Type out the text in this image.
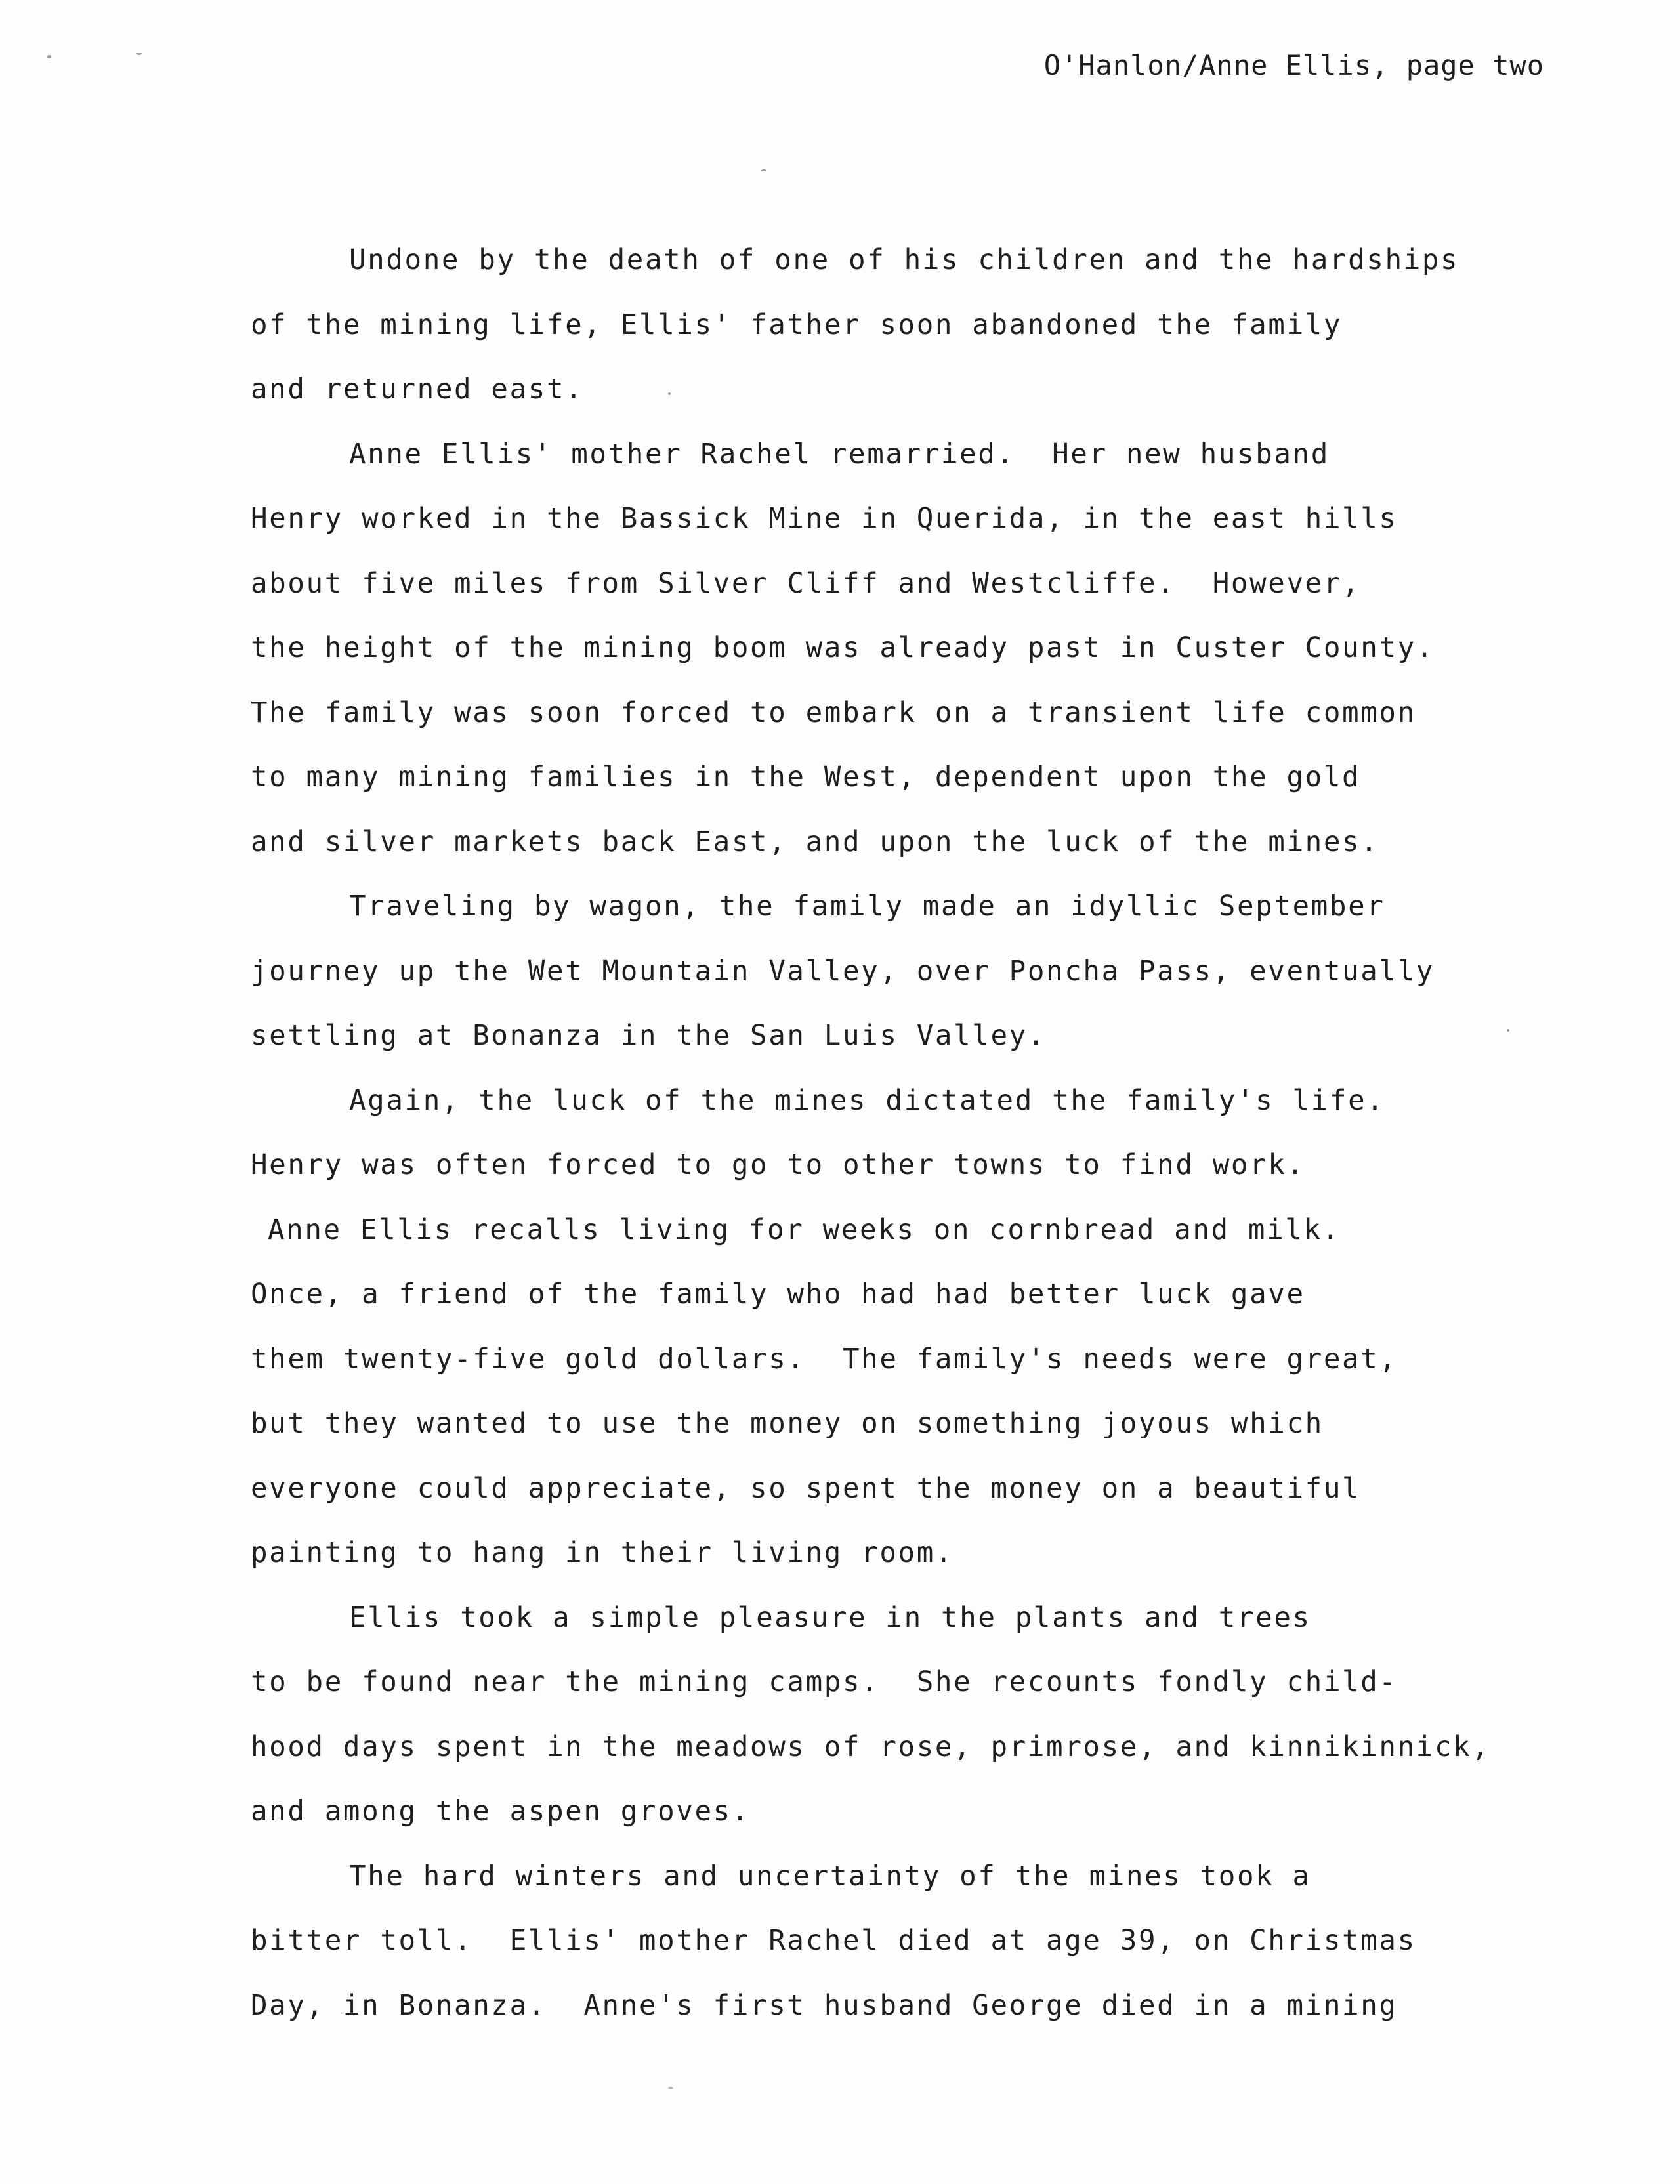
O'Hanlon/Anne Ellis, page two
Undone by the death of one of his children and the hardships
of the mining life, Ellis' father soon abandoned the family
and returned east.
Anne Ellis' mother Rachel remarried.  Her new husband
Henry worked in the Bassick Mine in Querida, in the east hills
about five miles from Silver Cliff and Westcliffe.  However,
the height of the mining boom was already past in Custer County.
The family was soon forced to embark on a transient life common
to many mining families in the West, dependent upon the gold
and silver markets back East, and upon the luck of the mines.
Traveling by wagon, the family made an idyllic September
journey up the Wet Mountain Valley, over Poncha Pass, eventually
settling at Bonanza in the San Luis Valley.
Again, the luck of the mines dictated the family's life.
Henry was often forced to go to other towns to find work.
Anne Ellis recalls living for weeks on cornbread and milk.
Once, a friend of the family who had had better luck gave
them twenty-five gold dollars.  The family's needs were great,
but they wanted to use the money on something joyous which
everyone could appreciate, so spent the money on a beautiful
painting to hang in their living room.
Ellis took a simple pleasure in the plants and trees
to be found near the mining camps.  She recounts fondly child-
hood days spent in the meadows of rose, primrose, and kinnikinnick,
and among the aspen groves.
The hard winters and uncertainty of the mines took a
bitter toll.  Ellis' mother Rachel died at age 39, on Christmas
Day, in Bonanza.  Anne's first husband George died in a mining
